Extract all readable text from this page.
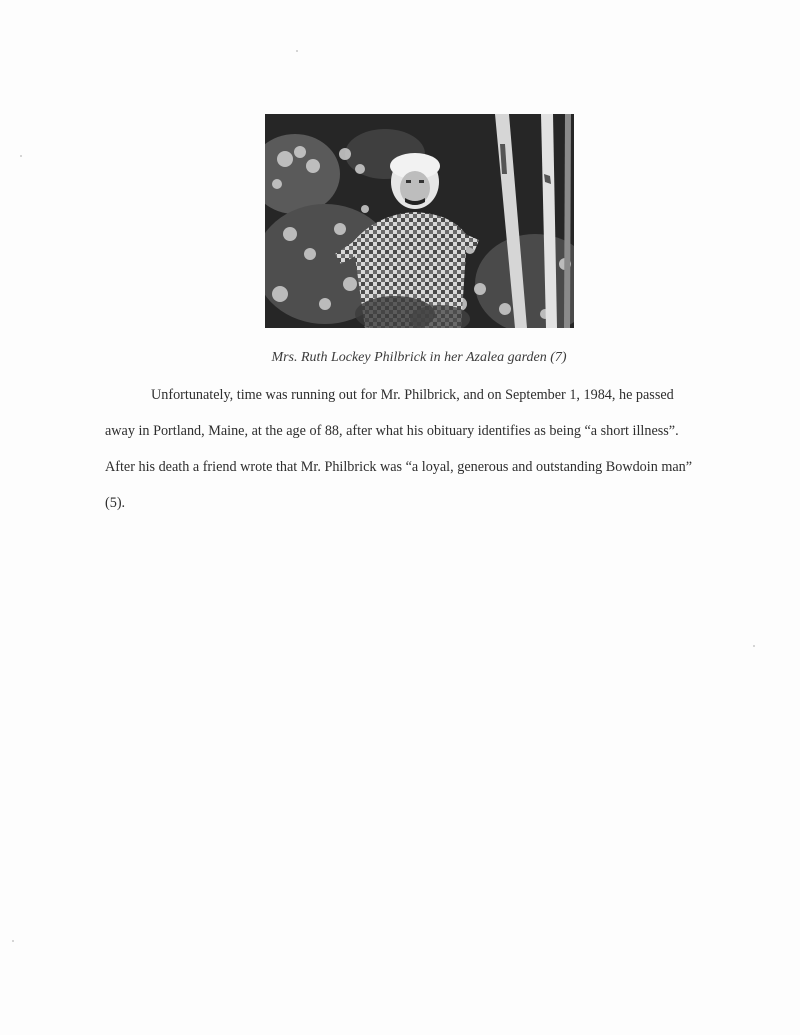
Mrs. Ruth Lockey Philbrick in her Azalea garden (7)

Unfortunately, time was running out for Mr. Philbrick, and on September 1, 1984, he passed away in Portland, Maine, at the age of 88, after what his obituary identifies as being “a short illness”. After his death a friend wrote that Mr. Philbrick was “a loyal, generous and outstanding Bowdoin man” (5).
